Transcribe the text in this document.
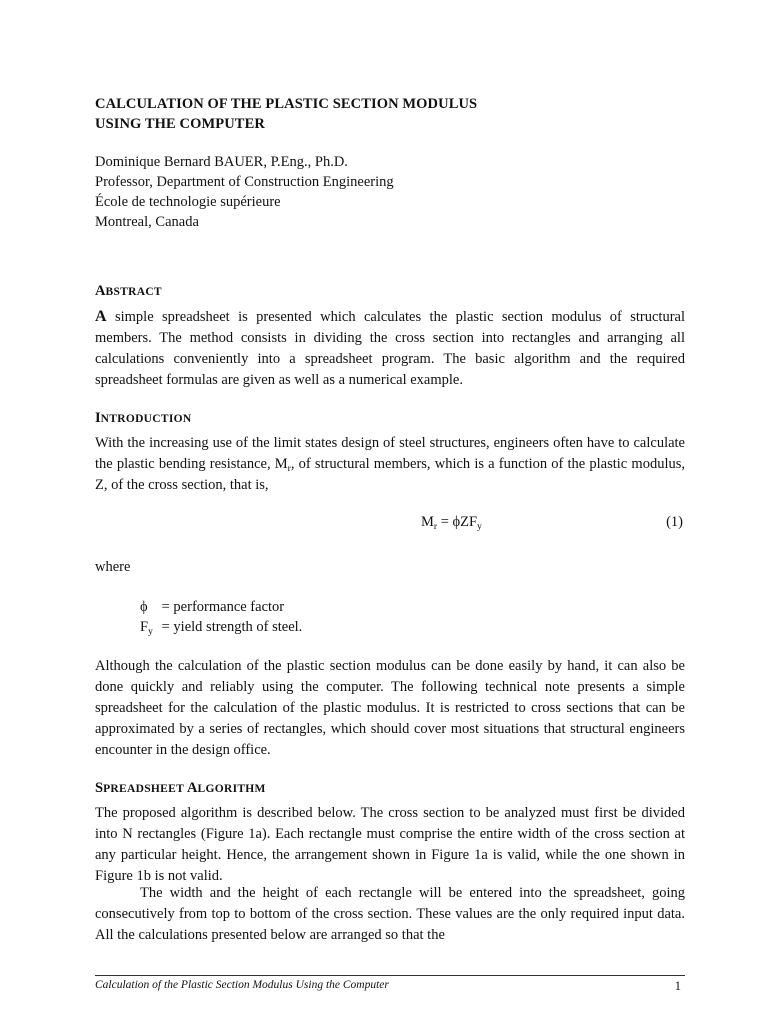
CALCULATION OF THE PLASTIC SECTION MODULUS
USING THE COMPUTER
Dominique Bernard BAUER, P.Eng., Ph.D.
Professor, Department of Construction Engineering
École de technologie supérieure
Montreal, Canada
ABSTRACT
A simple spreadsheet is presented which calculates the plastic section modulus of structural members. The method consists in dividing the cross section into rectangles and arranging all calculations conveniently into a spreadsheet program. The basic algorithm and the required spreadsheet formulas are given as well as a numerical example.
INTRODUCTION
With the increasing use of the limit states design of steel structures, engineers often have to calculate the plastic bending resistance, $M_r$, of structural members, which is a function of the plastic modulus, Z, of the cross section, that is,
$M_r = \phi ZF_y$	(1)
where
ϕ = performance factor
$F_y$ = yield strength of steel.
Although the calculation of the plastic section modulus can be done easily by hand, it can also be done quickly and reliably using the computer. The following technical note presents a simple spreadsheet for the calculation of the plastic modulus. It is restricted to cross sections that can be approximated by a series of rectangles, which should cover most situations that structural engineers encounter in the design office.
SPREADSHEET ALGORITHM
The proposed algorithm is described below. The cross section to be analyzed must first be divided into N rectangles (Figure 1a). Each rectangle must comprise the entire width of the cross section at any particular height. Hence, the arrangement shown in Figure 1a is valid, while the one shown in Figure 1b is not valid.
The width and the height of each rectangle will be entered into the spreadsheet, going consecutively from top to bottom of the cross section. These values are the only required input data. All the calculations presented below are arranged so that the
Calculation of the Plastic Section Modulus Using the Computer	1
